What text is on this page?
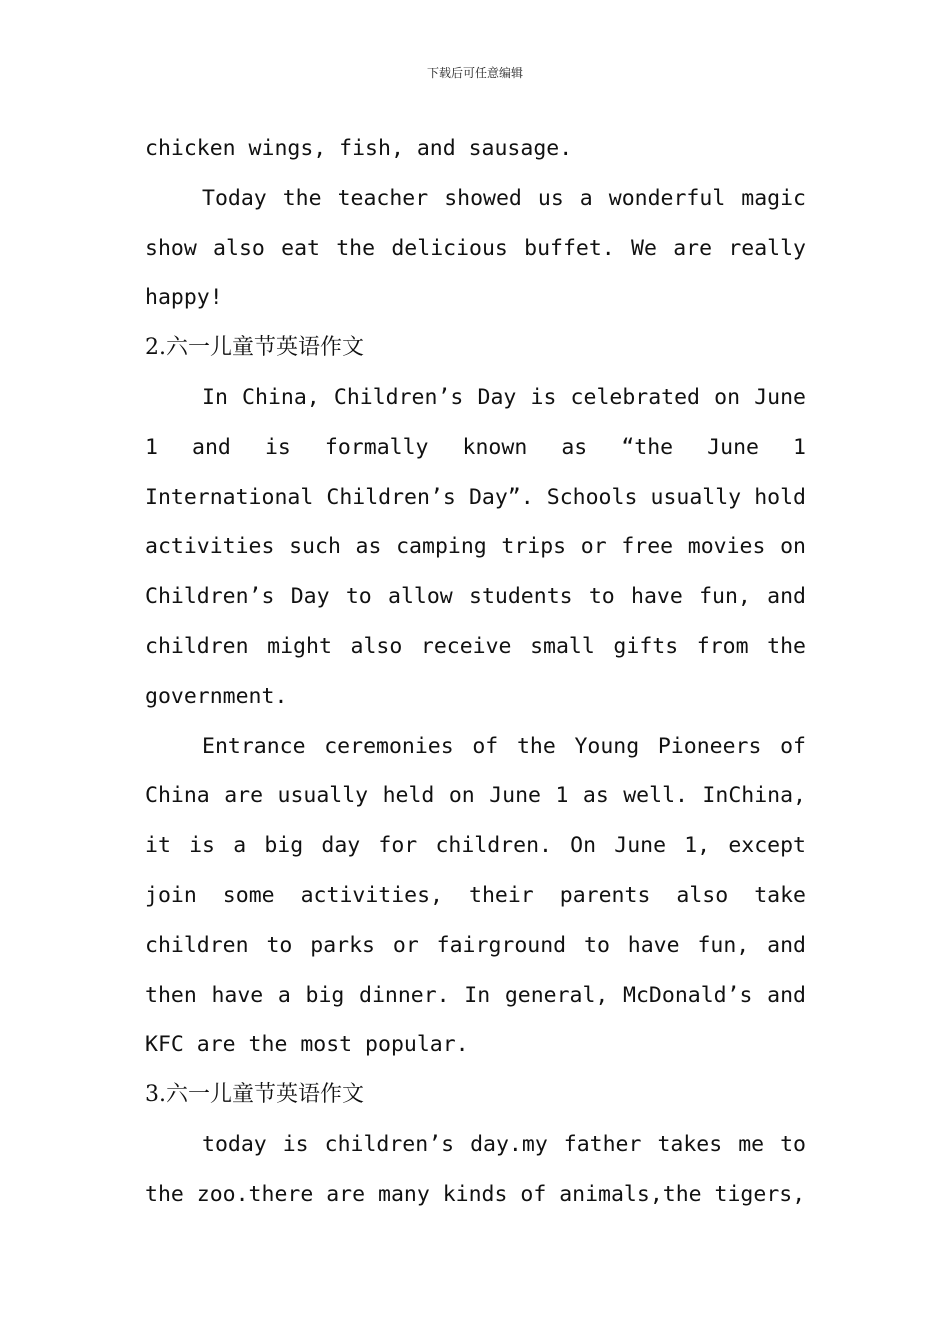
下载后可任意编辑

chicken wings, fish, and sausage.

Today the teacher showed us a wonderful magic show also eat the delicious buffet. We are really happy!

2.六一儿童节英语作文

In China, Children’s Day is celebrated on June 1 and is formally known as “the June 1 International Children’s Day”. Schools usually hold activities such as camping trips or free movies on Children’s Day to allow students to have fun, and children might also receive small gifts from the government.

Entrance ceremonies of the Young Pioneers of China are usually held on June 1 as well. InChina, it is a big day for children. On June 1, except join some activities, their parents also take children to parks or fairground to have fun, and then have a big dinner. In general, McDonald’s and KFC are the most popular.

3.六一儿童节英语作文

today is children’s day.my father takes me to the zoo.there are many kinds of animals,the tigers,
